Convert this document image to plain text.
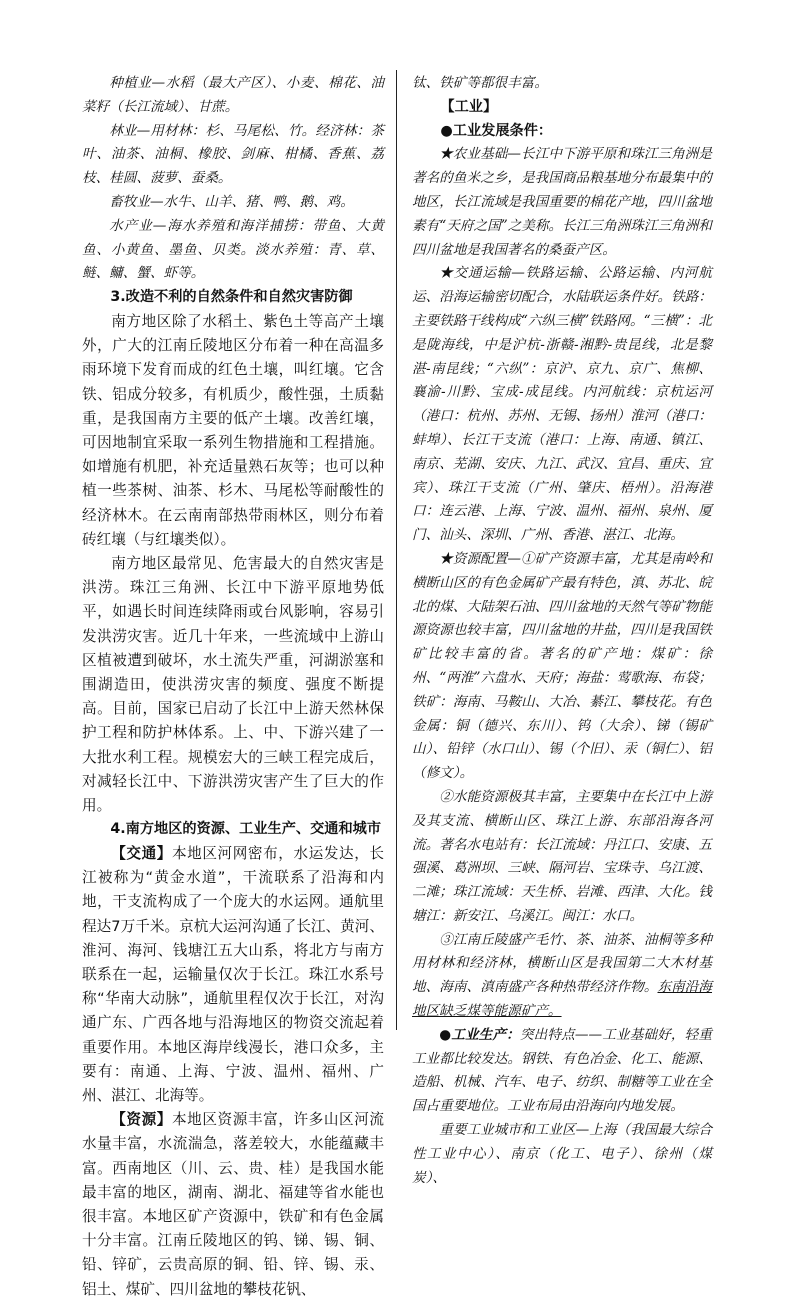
种植业—水稻（最大产区）、小麦、棉花、油菜籽（长江流域）、甘蔗。

林业—用材林：杉、马尾松、竹。经济林：茶叶、油茶、油桐、橡胶、剑麻、柑橘、香蕉、荔枝、桂圆、菠萝、蚕桑。

畜牧业—水牛、山羊、猪、鸭、鹅、鸡。

水产业—海水养殖和海洋捕捞：带鱼、大黄鱼、小黄鱼、墨鱼、贝类。淡水养殖：青、草、鲢、鳙、蟹、虾等。

3.改造不利的自然条件和自然灾害防御

南方地区除了水稻土、紫色土等高产土壤外，广大的江南丘陵地区分布着一种在高温多雨环境下发育而成的红色土壤，叫红壤。它含铁、铝成分较多，有机质少，酸性强，土质黏重，是我国南方主要的低产土壤。改善红壤，可因地制宜采取一系列生物措施和工程措施。如增施有机肥，补充适量熟石灰等；也可以种植一些茶树、油茶、杉木、马尾松等耐酸性的经济林木。在云南南部热带雨林区，则分布着砖红壤（与红壤类似）。

南方地区最常见、危害最大的自然灾害是洪涝。珠江三角洲、长江中下游平原地势低平，如遇长时间连续降雨或台风影响，容易引发洪涝灾害。近几十年来，一些流域中上游山区植被遭到破坏，水土流失严重，河湖淤塞和围湖造田，使洪涝灾害的频度、强度不断提高。目前，国家已启动了长江中上游天然林保护工程和防护林体系。上、中、下游兴建了一大批水利工程。规模宏大的三峡工程完成后，对减轻长江中、下游洪涝灾害产生了巨大的作用。

4.南方地区的资源、工业生产、交通和城市

【交通】本地区河网密布，水运发达，长江被称为“黄金水道”，干流联系了沿海和内地，干支流构成了一个庞大的水运网。通航里程达7万千米。京杭大运河沟通了长江、黄河、淮河、海河、钱塘江五大山系，将北方与南方联系在一起，运输量仅次于长江。珠江水系号称“华南大动脉”，通航里程仅次于长江，对沟通广东、广西各地与沿海地区的物资交流起着重要作用。本地区海岸线漫长，港口众多，主要有：南通、上海、宁波、温州、福州、广州、湛江、北海等。

【资源】本地区资源丰富，许多山区河流水量丰富，水流湍急，落差较大，水能蕴藏丰富。西南地区（川、云、贵、桂）是我国水能最丰富的地区，湖南、湖北、福建等省水能也很丰富。本地区矿产资源中，铁矿和有色金属十分丰富。江南丘陵地区的钨、锑、锡、铜、铅、锌矿，云贵高原的铜、铅、锌、锡、汞、铝土、煤矿、四川盆地的攀枝花钒、

钛、铁矿等都很丰富。

【工业】

●工业发展条件：

★农业基础—长江中下游平原和珠江三角洲是著名的鱼米之乡，是我国商品粮基地分布最集中的地区，长江流域是我国重要的棉花产地，四川盆地素有“天府之国”之美称。长江三角洲珠江三角洲和四川盆地是我国著名的桑蚕产区。

★交通运输—铁路运输、公路运输、内河航运、沿海运输密切配合，水陆联运条件好。铁路：主要铁路干线构成“六纵三横”铁路网。“三横”：北是陇海线，中是沪杭-浙赣-湘黔-贵昆线，北是黎湛-南昆线；“六纵”：京沪、京九、京广、焦柳、襄渝-川黔、宝成-成昆线。内河航线：京杭运河（港口：杭州、苏州、无锡、扬州）淮河（港口：蚌埠）、长江干支流（港口：上海、南通、镇江、南京、芜湖、安庆、九江、武汉、宜昌、重庆、宜宾）、珠江干支流（广州、肇庆、梧州）。沿海港口：连云港、上海、宁波、温州、福州、泉州、厦门、汕头、深圳、广州、香港、湛江、北海。

★资源配置—①矿产资源丰富，尤其是南岭和横断山区的有色金属矿产最有特色，滇、苏北、皖北的煤、大陆架石油、四川盆地的天然气等矿物能源资源也较丰富，四川盆地的井盐，四川是我国铁矿比较丰富的省。著名的矿产地：煤矿：徐州、“两淮”六盘水、天府；海盐：莺歌海、布袋；铁矿：海南、马鞍山、大冶、綦江、攀枝花。有色金属：铜（德兴、东川）、钨（大余）、锑（锡矿山）、铅锌（水口山）、锡（个旧）、汞（铜仁）、铝（修文）。

②水能资源极其丰富，主要集中在长江中上游及其支流、横断山区、珠江上游、东部沿海各河流。著名水电站有：长江流域：丹江口、安康、五强溪、葛洲坝、三峡、隔河岩、宝珠寺、乌江渡、二滩；珠江流域：天生桥、岩滩、西津、大化。钱塘江：新安江、乌溪江。闽江：水口。

③江南丘陵盛产毛竹、茶、油茶、油桐等多种用材林和经济林，横断山区是我国第二大木材基地、海南、滇南盛产各种热带经济作物。东南沿海地区缺乏煤等能源矿产。

●工业生产：突出特点——工业基础好，轻重工业都比较发达。钢铁、有色冶金、化工、能源、造船、机械、汽车、电子、纺织、制糖等工业在全国占重要地位。工业布局由沿海向内地发展。

重要工业城市和工业区—上海（我国最大综合性工业中心）、南京（化工、电子）、徐州（煤炭）、
